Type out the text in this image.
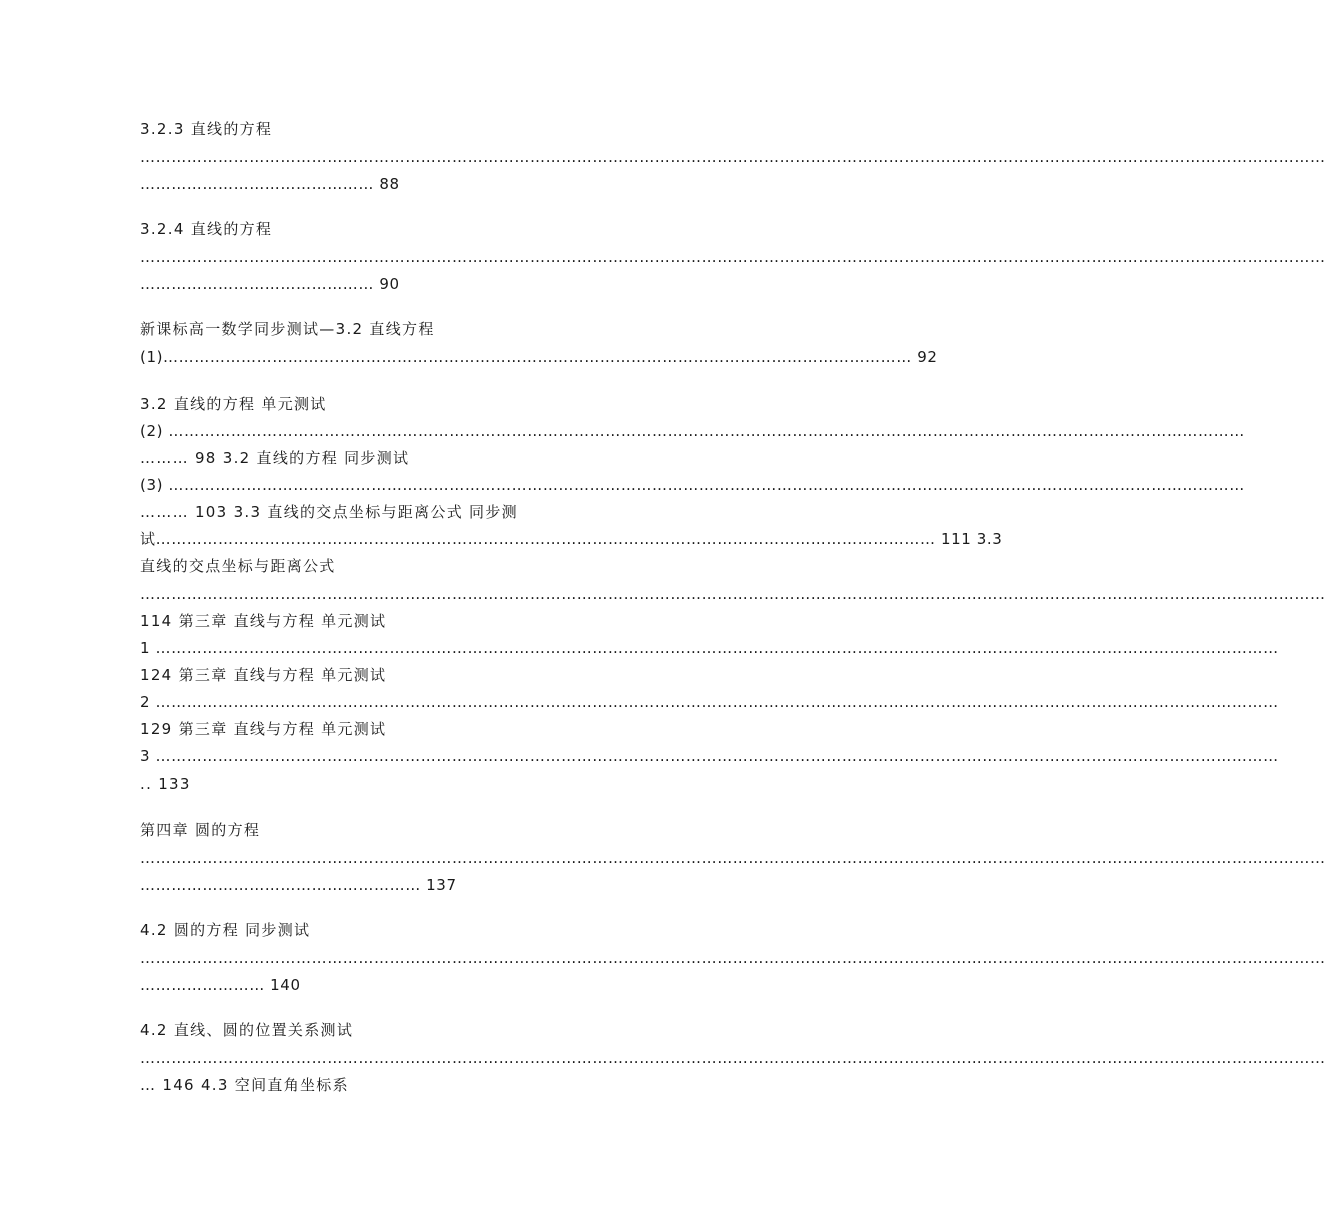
3.2.3 直线的方程
…………………………………………………………………………………………………………………………………………………………………………………………………………
……………………………………… 88
3.2.4 直线的方程
…………………………………………………………………………………………………………………………………………………………………………………………………………
……………………………………… 90
新课标高一数学同步测试—3.2 直线方程
(1)……………………………………………………………………………………………………………………………… 92
3.2 直线的方程 单元测试
(2) ………………………………………………………………………………………………………………………………………………………………………………………
……… 98 3.2 直线的方程 同步测试
(3) ………………………………………………………………………………………………………………………………………………………………………………………
……… 103 3.3 直线的交点坐标与距离公式 同步测
试…………………………………………………………………………………………………………………………………… 111 3.3
直线的交点坐标与距离公式
…………………………………………………………………………………………………………………………………………………………………………………………………………
114 第三章 直线与方程 单元测试
1 ………………………………………………………………………………………………………………………………………………………………………………………………
124 第三章 直线与方程 单元测试
2 ………………………………………………………………………………………………………………………………………………………………………………………………
129 第三章 直线与方程 单元测试
3 ………………………………………………………………………………………………………………………………………………………………………………………………
.. 133
第四章 圆的方程
…………………………………………………………………………………………………………………………………………………………………………………………………………
……………………………………………… 137
4.2 圆的方程 同步测试
…………………………………………………………………………………………………………………………………………………………………………………………………………
…………………… 140
4.2 直线、圆的位置关系测试
…………………………………………………………………………………………………………………………………………………………………………………………………………
… 146 4.3 空间直角坐标系
